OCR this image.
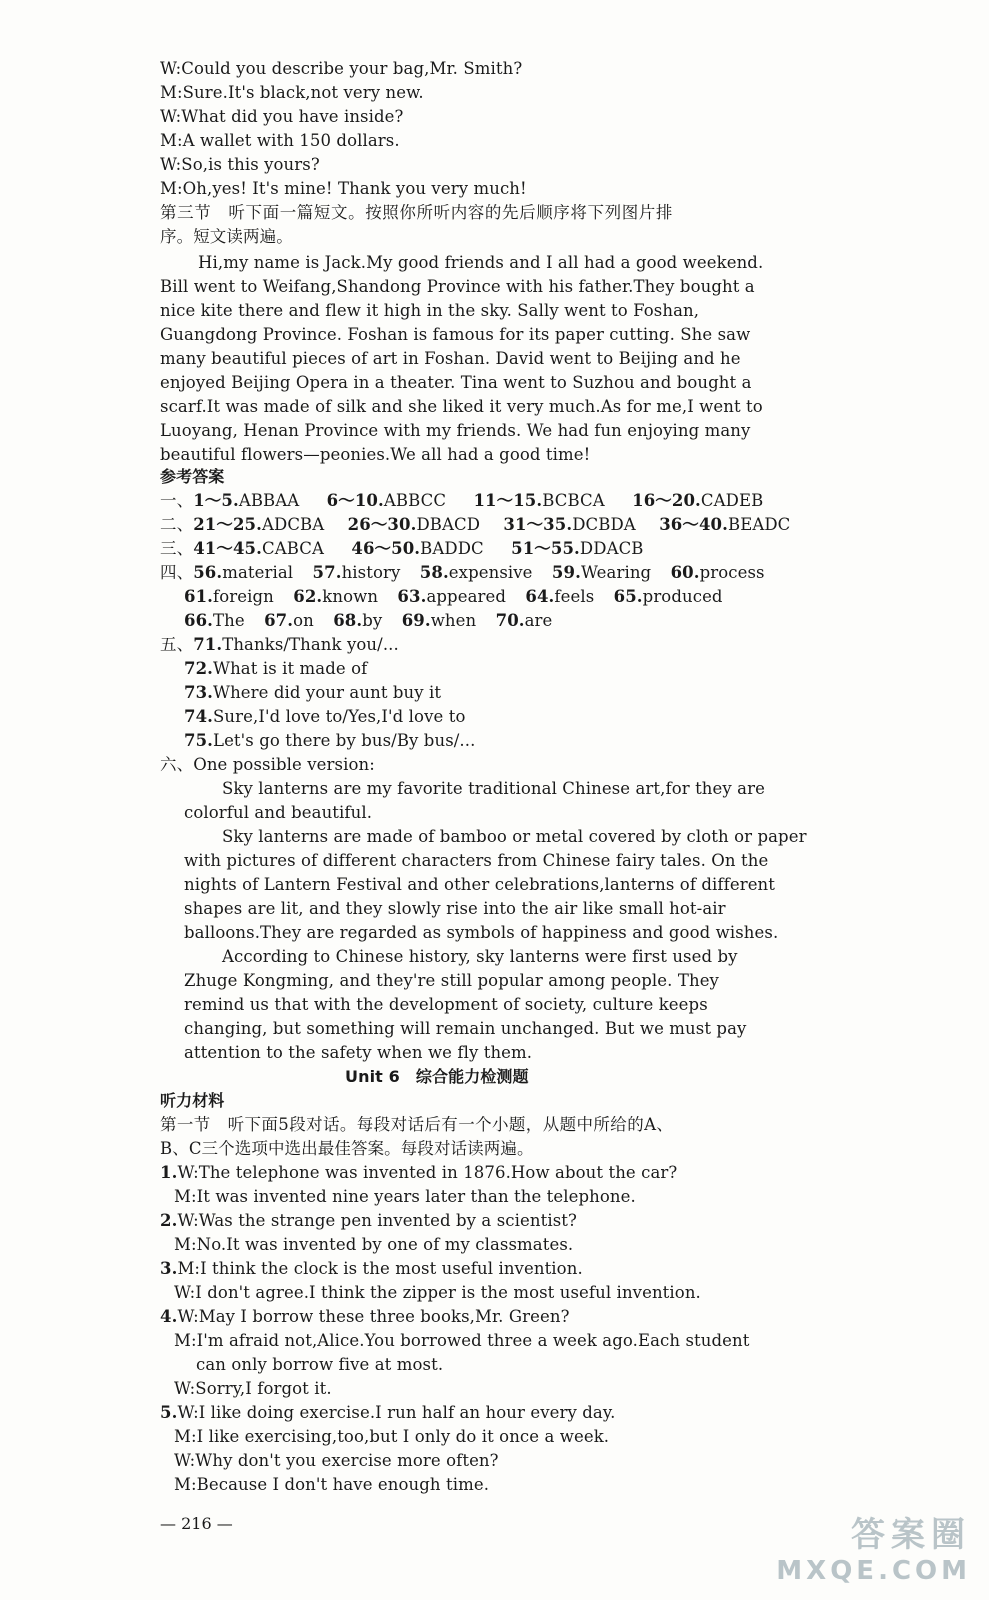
W:Could you describe your bag,Mr. Smith?
M:Sure.It's black,not very new.
W:What did you have inside?
M:A wallet with 150 dollars.
W:So,is this yours?
M:Oh,yes! It's mine! Thank you very much!
第三节　听下面一篇短文。按照你所听内容的先后顺序将下列图片排
序。短文读两遍。
Hi,my name is Jack.My good friends and I all had a good weekend.
Bill went to Weifang,Shandong Province with his father.They bought a
nice kite there and flew it high in the sky. Sally went to Foshan,
Guangdong Province. Foshan is famous for its paper cutting. She saw
many beautiful pieces of art in Foshan. David went to Beijing and he
enjoyed Beijing Opera in a theater. Tina went to Suzhou and bought a
scarf.It was made of silk and she liked it very much.As for me,I went to
Luoyang, Henan Province with my friends. We had fun enjoying many
beautiful flowers—peonies.We all had a good time!
参考答案
一、1～5.ABBAA 6～10.ABBCC 11～15.BCBCA 16～20.CADEB
二、21～25.ADCBA 26～30.DBACD 31～35.DCBDA 36～40.BEADC
三、41～45.CABCA 46～50.BADDC 51～55.DDACB
四、56.material 57.history 58.expensive 59.Wearing 60.process
61.foreign 62.known 63.appeared 64.feels 65.produced
66.The 67.on 68.by 69.when 70.are
五、71.Thanks/Thank you/...
72.What is it made of
73.Where did your aunt buy it
74.Sure,I'd love to/Yes,I'd love to
75.Let's go there by bus/By bus/...
六、One possible version:
Sky lanterns are my favorite traditional Chinese art,for they are
colorful and beautiful.
Sky lanterns are made of bamboo or metal covered by cloth or paper
with pictures of different characters from Chinese fairy tales. On the
nights of Lantern Festival and other celebrations,lanterns of different
shapes are lit, and they slowly rise into the air like small hot-air
balloons.They are regarded as symbols of happiness and good wishes.
According to Chinese history, sky lanterns were first used by
Zhuge Kongming, and they're still popular among people. They
remind us that with the development of society, culture keeps
changing, but something will remain unchanged. But we must pay
attention to the safety when we fly them.
Unit 6　综合能力检测题
听力材料
第一节　听下面5段对话。每段对话后有一个小题，从题中所给的A、
B、C三个选项中选出最佳答案。每段对话读两遍。
1.W:The telephone was invented in 1876.How about the car?
M:It was invented nine years later than the telephone.
2.W:Was the strange pen invented by a scientist?
M:No.It was invented by one of my classmates.
3.M:I think the clock is the most useful invention.
W:I don't agree.I think the zipper is the most useful invention.
4.W:May I borrow these three books,Mr. Green?
M:I'm afraid not,Alice.You borrowed three a week ago.Each student
can only borrow five at most.
W:Sorry,I forgot it.
5.W:I like doing exercise.I run half an hour every day.
M:I like exercising,too,but I only do it once a week.
W:Why don't you exercise more often?
M:Because I don't have enough time.
— 216 —	答案圈
MXQE.COM
